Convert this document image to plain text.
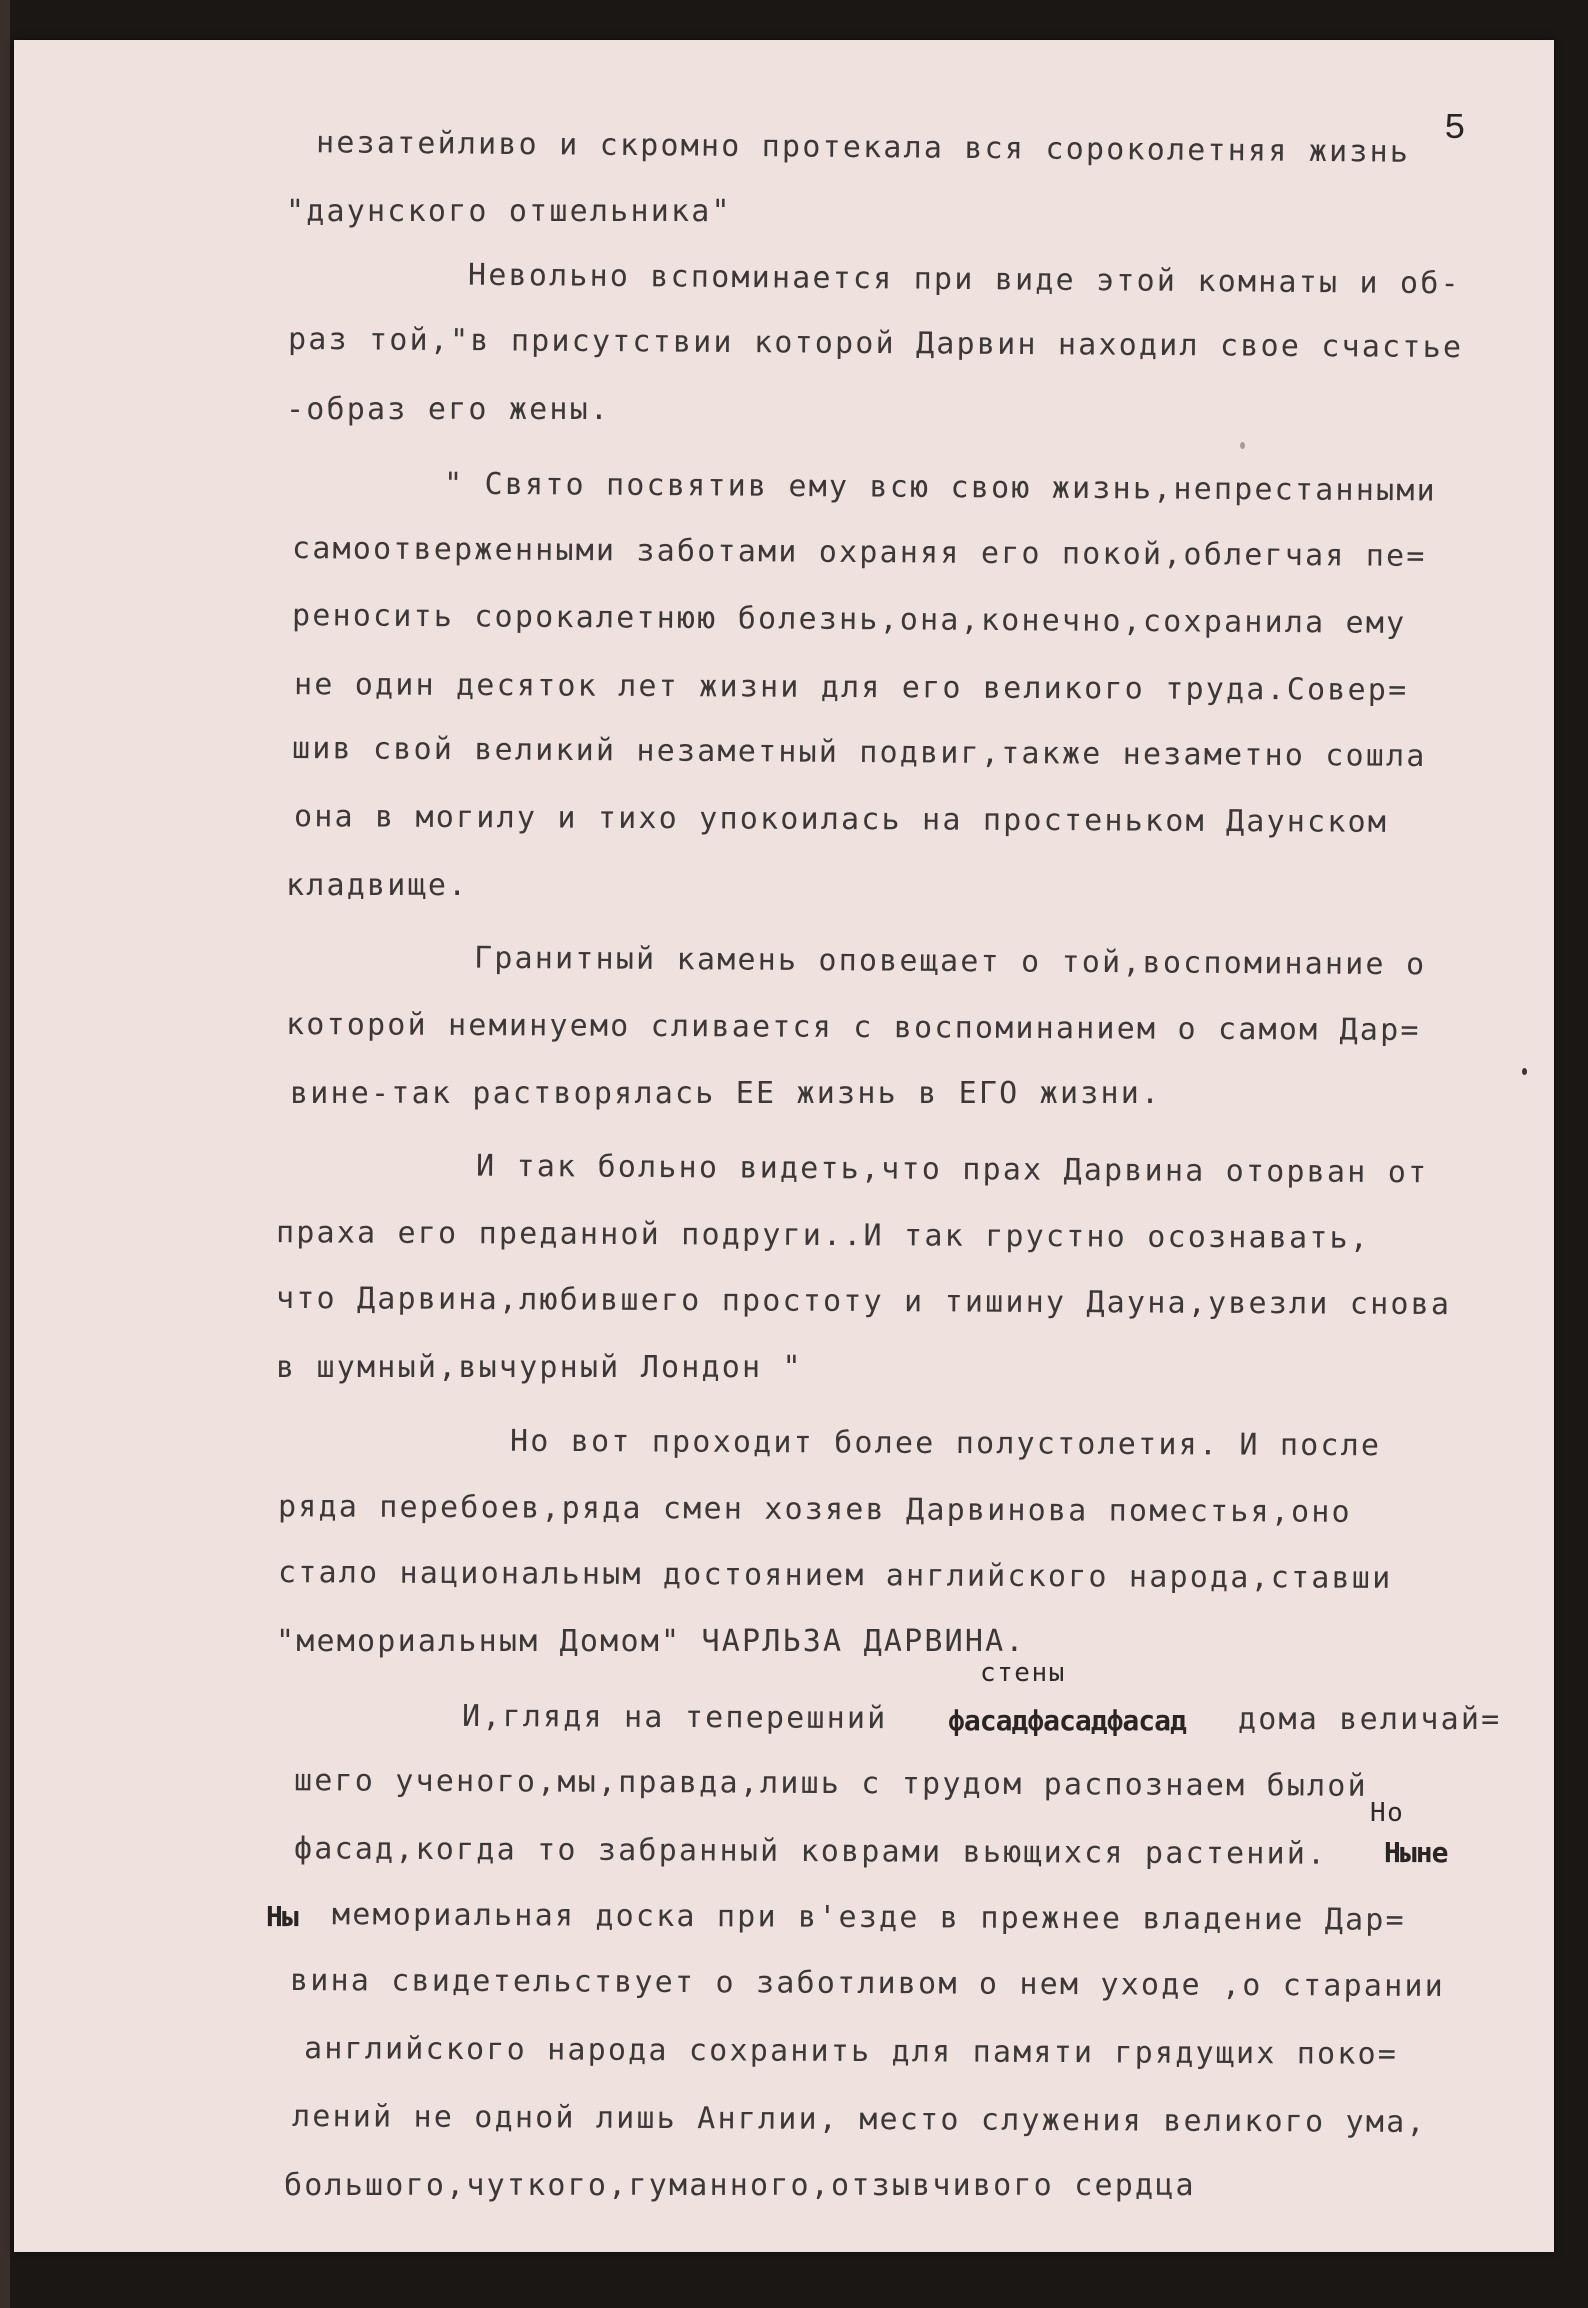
5
незатейливо и скромно протекала вся сороколетняя жизнь
"даунского отшельника"
Невольно вспоминается при виде этой комнаты и об-
раз той,"в присутствии которой Дарвин находил свое счастье
-образ его жены.
" Свято посвятив ему всю свою жизнь,непрестанными
самоотверженными заботами охраняя его покой,облегчая пе=
реносить сорокалетнюю болезнь,она,конечно,сохранила ему
не один десяток лет жизни для его великого труда.Совер=
шив свой великий незаметный подвиг,также незаметно сошла
она в могилу и тихо упокоилась на простеньком Даунском
кладвище.
Гранитный камень оповещает о той,воспоминание о
которой неминуемо сливается с воспоминанием о самом Дар=
вине-так растворялась ЕЕ жизнь в ЕГО жизни.
И так больно видеть,что прах Дарвина оторван от
праха его преданной подруги..И так грустно осознавать,
что Дарвина,любившего простоту и тишину Дауна,увезли снова
в шумный,вычурный Лондон "
Но вот проходит более полустолетия. И после
ряда перебоев,ряда смен хозяев Дарвинова поместья,оно
стало национальным достоянием английского народа,ставши
"мемориальным Домом" ЧАРЛЬЗА ДАРВИНА.
стены
И,глядя на теперешний фасадфасадфасад дома величай=
шего ученого,мы,правда,лишь с трудом распознаем былой
Но
фасад,когда то забранный коврами вьющихся растений. Ныне
Ны мемориальная доска при в'езде в прежнее владение Дар=
вина свидетельствует о заботливом о нем уходе ,о старании
английского народа сохранить для памяти грядущих поко=
лений не одной лишь Англии, место служения великого ума,
большого,чуткого,гуманного,отзывчивого сердца
